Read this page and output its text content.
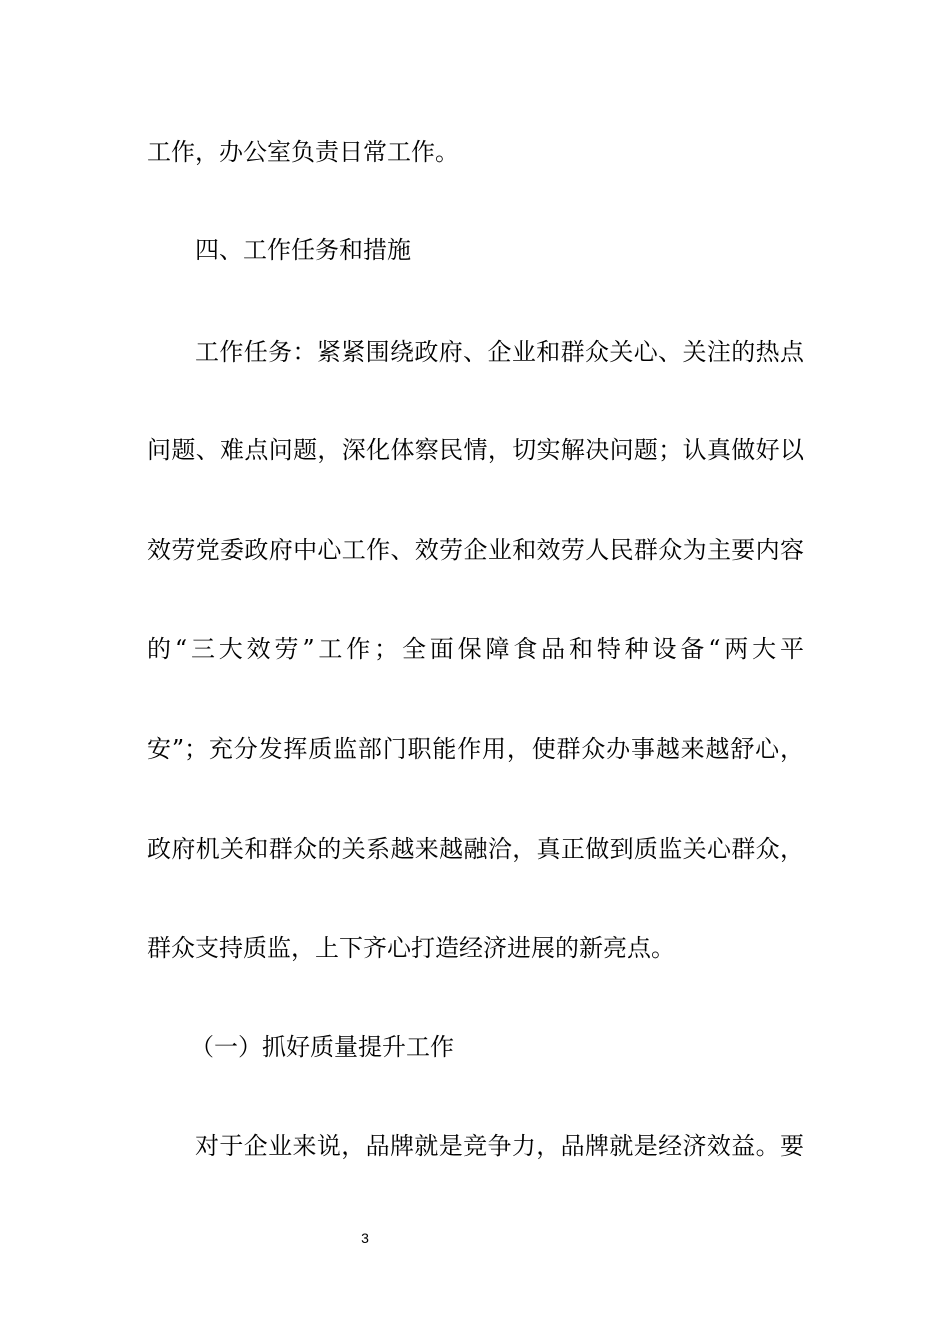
工作，办公室负责日常工作。
四、工作任务和措施
工作任务：紧紧围绕政府、企业和群众关心、关注的热点
问题、难点问题，深化体察民情，切实解决问题；认真做好以
效劳党委政府中心工作、效劳企业和效劳人民群众为主要内容
的“三大效劳”工作；全面保障食品和特种设备“两大平
安”；充分发挥质监部门职能作用，使群众办事越来越舒心，
政府机关和群众的关系越来越融洽，真正做到质监关心群众，
群众支持质监，上下齐心打造经济进展的新亮点。
（一）抓好质量提升工作
对于企业来说，品牌就是竞争力，品牌就是经济效益。要
3
